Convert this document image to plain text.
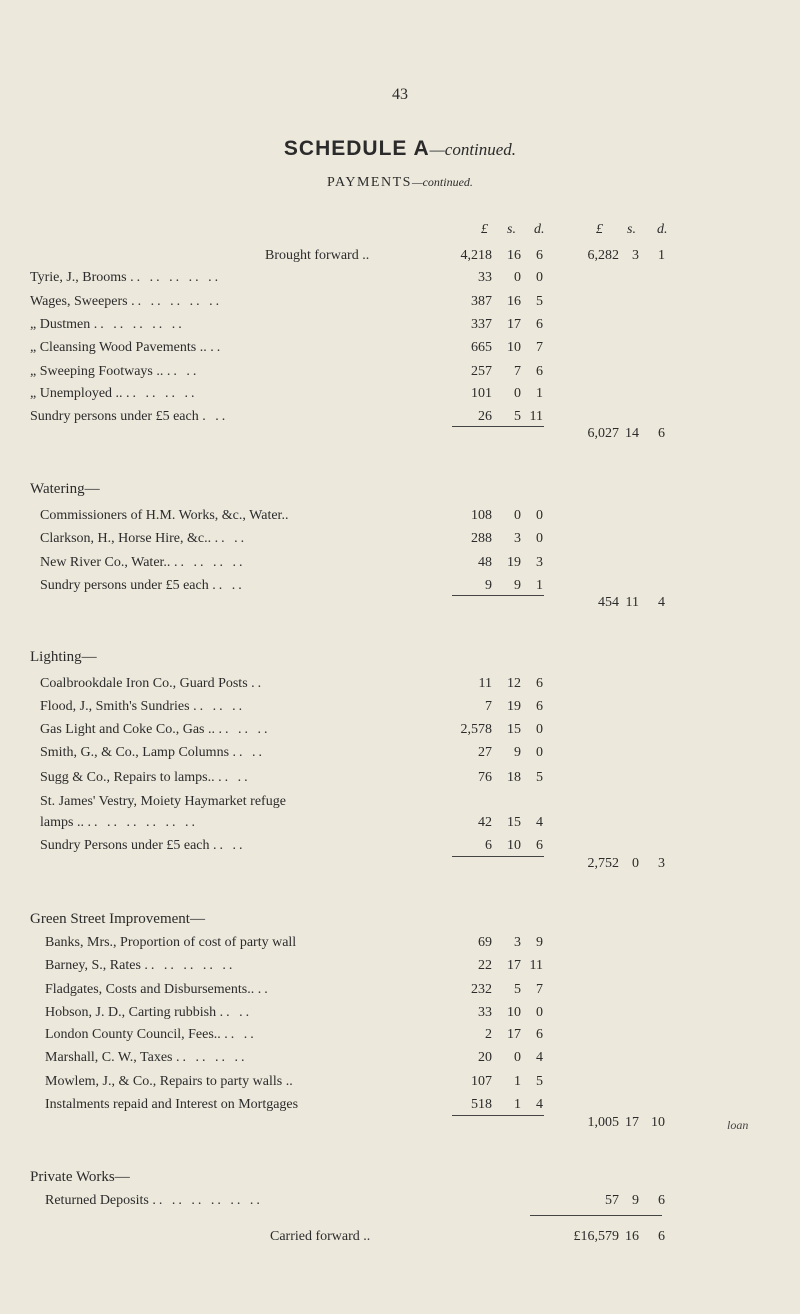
43
SCHEDULE A—continued.
PAYMENTS—continued.
£ s. d.	£ s. d.
Brought forward ..	4,218 16 6	6,282 3 1
Tyrie, J., Brooms .. .. .. .. ..	33 0 0
Wages, Sweepers .. .. .. .. ..	387 16 5
„ Dustmen .. .. .. .. ..	337 17 6
„ Cleansing Wood Pavements .. ..	665 10 7
„ Sweeping Footways .. .. ..	257 7 6
„ Unemployed .. .. .. .. ..	101 0 1
Sundry persons under £5 each . ..	26 5 11
6,027 14 6
Watering—
Commissioners of H.M. Works, &c., Water..	108 0 0
Clarkson, H., Horse Hire, &c.. .. ..	288 3 0
New River Co., Water.. .. .. .. ..	48 19 3
Sundry persons under £5 each .. ..	9 9 1
454 11 4
Lighting—
Coalbrookdale Iron Co., Guard Posts ..	11 12 6
Flood, J., Smith's Sundries .. .. ..	7 19 6
Gas Light and Coke Co., Gas .. .. .. ..	2,578 15 0
Smith, G., & Co., Lamp Columns .. ..	27 9 0
Sugg & Co., Repairs to lamps.. .. ..	76 18 5
St. James' Vestry, Moiety Haymarket refuge
lamps .. .. .. .. .. .. ..	42 15 4
Sundry Persons under £5 each .. ..	6 10 6
2,752 0 3
Green Street Improvement—
Banks, Mrs., Proportion of cost of party wall	69 3 9
Barney, S., Rates .. .. .. .. ..	22 17 11
Fladgates, Costs and Disbursements.. ..	232 5 7
Hobson, J. D., Carting rubbish .. ..	33 10 0
London County Council, Fees.. .. ..	2 17 6
Marshall, C. W., Taxes .. .. .. ..	20 0 4
Mowlem, J., & Co., Repairs to party walls ..	107 1 5
Instalments repaid and Interest on Mortgages	518 1 4
1,005 17 10
Private Works—
Returned Deposits .. .. .. .. .. ..	57 9 6
Carried forward ..	£16,579 16 6
loan
